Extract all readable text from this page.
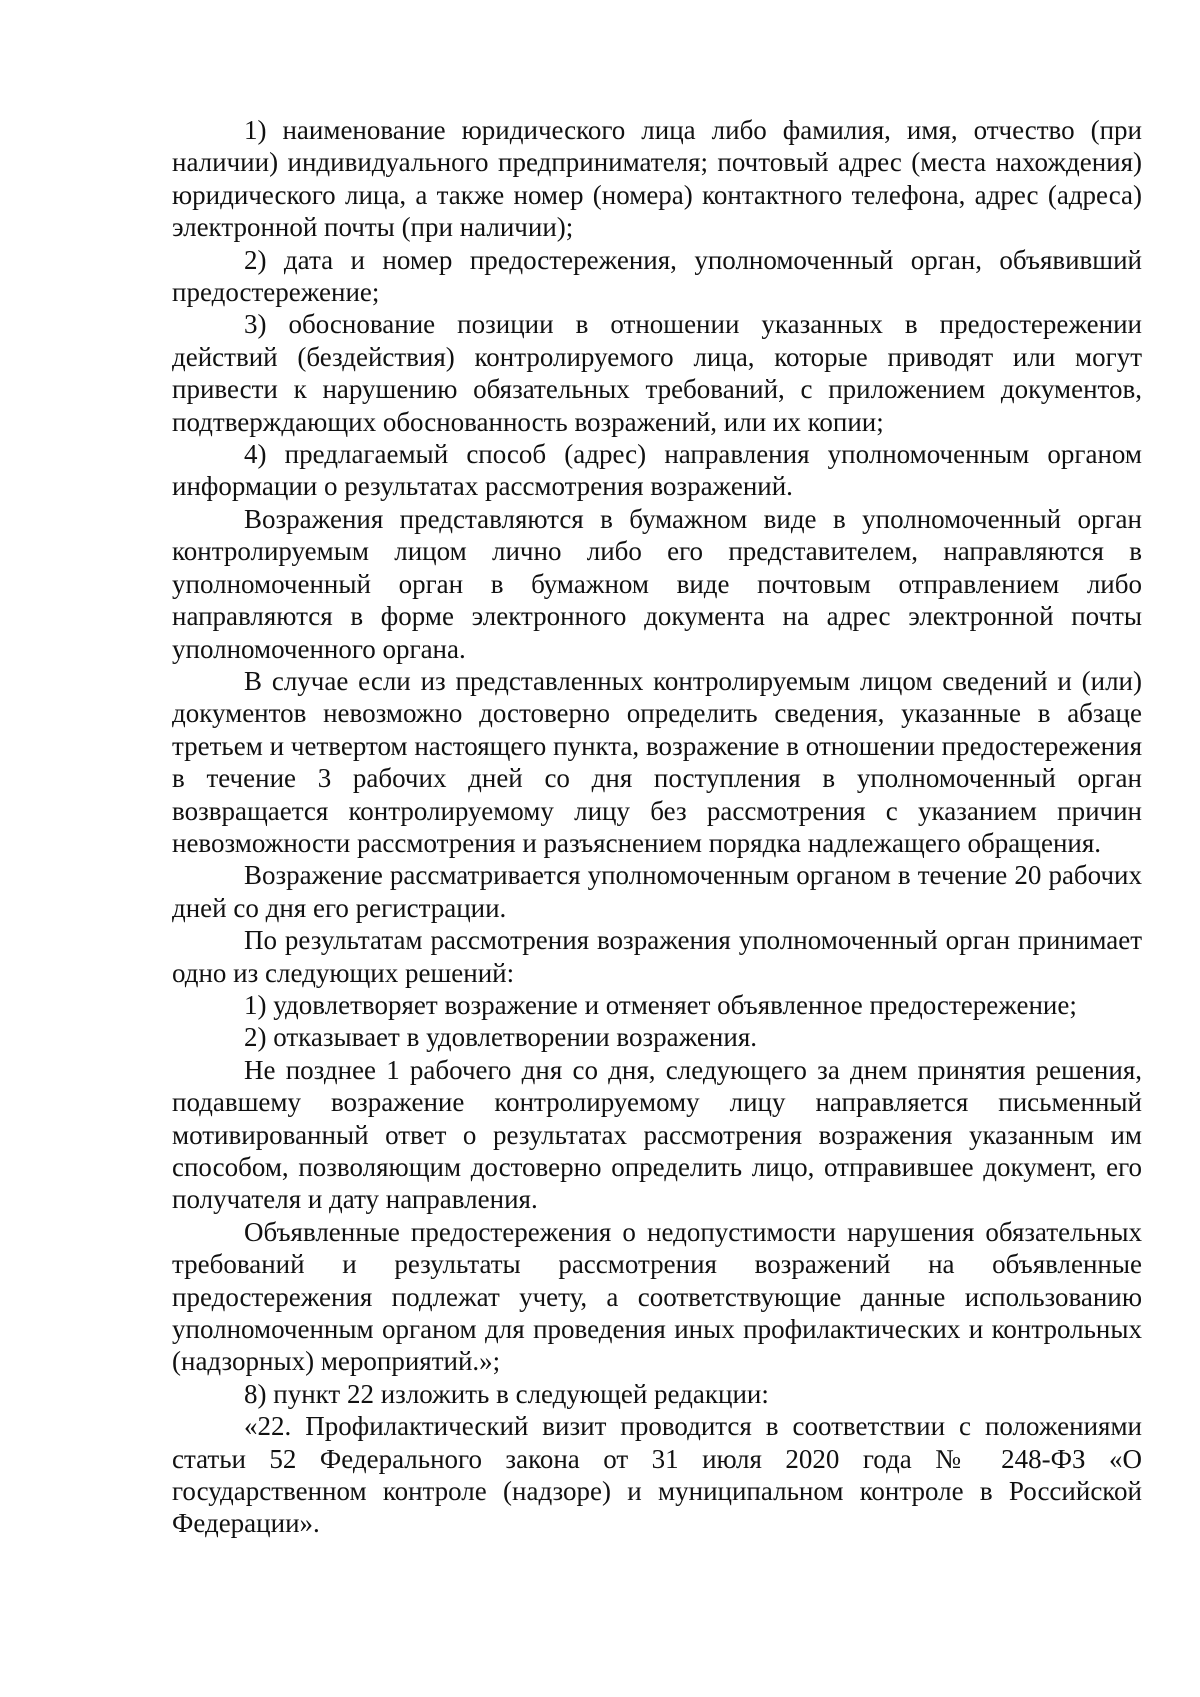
1) наименование юридического лица либо фамилия, имя, отчество (при наличии) индивидуального предпринимателя; почтовый адрес (места нахождения) юридического лица, а также номер (номера) контактного телефона, адрес (адреса) электронной почты (при наличии);

2) дата и номер предостережения, уполномоченный орган, объявивший предостережение;

3) обоснование позиции в отношении указанных в предостережении действий (бездействия) контролируемого лица, которые приводят или могут привести к нарушению обязательных требований, с приложением документов, подтверждающих обоснованность возражений, или их копии;

4) предлагаемый способ (адрес) направления уполномоченным органом информации о результатах рассмотрения возражений.

Возражения представляются в бумажном виде в уполномоченный орган контролируемым лицом лично либо его представителем, направляются в уполномоченный орган в бумажном виде почтовым отправлением либо направляются в форме электронного документа на адрес электронной почты уполномоченного органа.

В случае если из представленных контролируемым лицом сведений и (или) документов невозможно достоверно определить сведения, указанные в абзаце третьем и четвертом настоящего пункта, возражение в отношении предостережения в течение 3 рабочих дней со дня поступления в уполномоченный орган возвращается контролируемому лицу без рассмотрения с указанием причин невозможности рассмотрения и разъяснением порядка надлежащего обращения.

Возражение рассматривается уполномоченным органом в течение 20 рабочих дней со дня его регистрации.

По результатам рассмотрения возражения уполномоченный орган принимает одно из следующих решений:

1) удовлетворяет возражение и отменяет объявленное предостережение;

2) отказывает в удовлетворении возражения.

Не позднее 1 рабочего дня со дня, следующего за днем принятия решения, подавшему возражение контролируемому лицу направляется письменный мотивированный ответ о результатах рассмотрения возражения указанным им способом, позволяющим достоверно определить лицо, отправившее документ, его получателя и дату направления.

Объявленные предостережения о недопустимости нарушения обязательных требований и результаты рассмотрения возражений на объявленные предостережения подлежат учету, а соответствующие данные использованию уполномоченным органом для проведения иных профилактических и контрольных (надзорных) мероприятий.»;

8) пункт 22 изложить в следующей редакции:

«22. Профилактический визит проводится в соответствии с положениями статьи 52 Федерального закона от 31 июля 2020 года № 248-ФЗ «О государственном контроле (надзоре) и муниципальном контроле в Российской Федерации».
